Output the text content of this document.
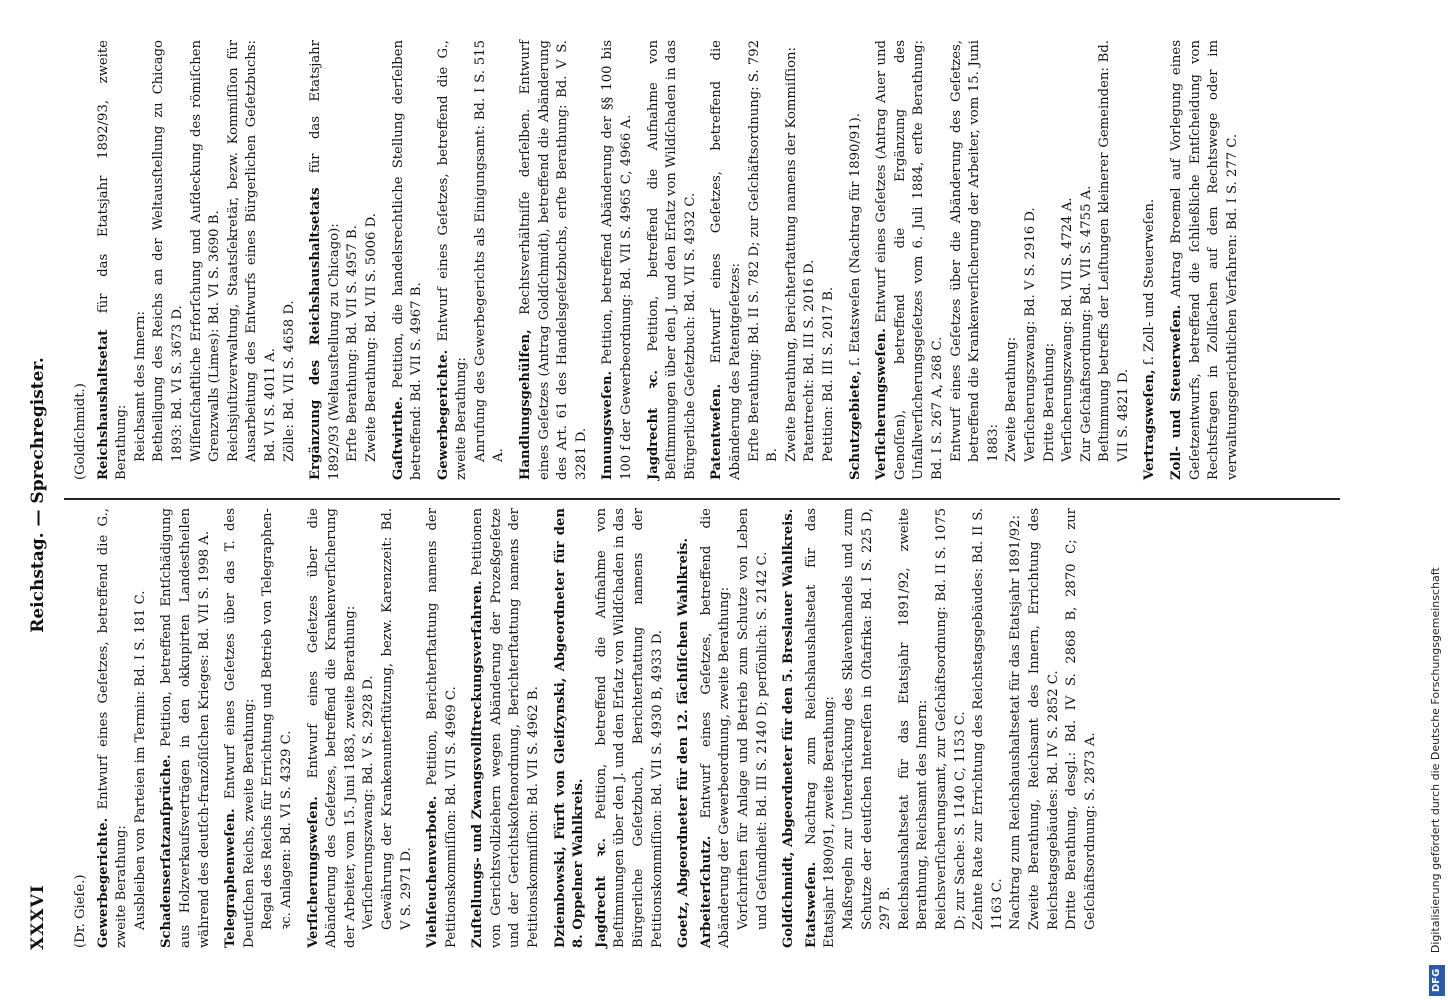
XXXVI
Reichstag. — Sprechregister.
(Dr. Gieſe.) Gewerbegerichte. Entwurf eines Geſetzes, betreffend die G., zweite Berathung: Ausbleiben von Parteien im Termin: Bd. I S. 181 C. Schadenserſatzanſprüche. Petition, betreffend Entſchädigung aus Holzverkaufsverträgen in den okkupirten Landestheilen während des deutſch-franzöſiſchen Krieges: Bd. VII S. 1998 A. Telegraphenweſen. Entwurf eines Geſetzes über das T. des Deutſchen Reichs, zweite Berathung: Regal des Reichs für Errichtung und Betrieb von Telegraphen- ꝛc. Anlagen: Bd. VI S. 4329 C. Verſicherungsweſen. Entwurf eines Geſetzes über die Abänderung des Geſetzes, betreffend die Krankenverſicherung der Arbeiter, vom 15. Juni 1883, zweite Berathung: Verſicherungszwang: Bd. V S. 2928 D. Gewährung der Krankenunterſtützung, bezw. Karenzzeit: Bd. V S. 2971 D. Viehſeuchenverbote. Petition, Berichterſtattung namens der Petitionskommiſſion: Bd. VII S. 4969 C. Zuſtellungs- und Zwangsvollſtreckungsverfahren. Petitionen von Gerichtsvollziehern wegen Abänderung der Prozeßgeſetze und der Gerichtskoſtenordnung, Berichterſtattung namens der Petitionskommiſſion: Bd. VII S. 4962 B. Dziembowski, Fürſt von Gleiſzynski, Abgeordneter für den 8. Oppelner Wahlkreis. Jagdrecht ꝛc. Petition, betreffend die Aufnahme von Beſtimmungen über den J. und den Erſatz von Wildſchaden in das Bürgerliche Geſetzbuch, Berichterſtattung namens der Petitionskommiſſion: Bd. VII S. 4930 B, 4933 D. Goetz, Abgeordneter für den 12. ſächſiſchen Wahlkreis. Arbeiterſchutz. Entwurf eines Geſetzes, betreffend die Abänderung der Gewerbeordnung, zweite Berathung: Vorſchriften für Anlage und Betrieb zum Schutze von Leben und Geſundheit: Bd. III S. 2140 D; perſönlich: S. 2142 C. Goldſchmidt, Abgeordneter für den 5. Breslauer Wahlkreis. Etatsweſen. Nachtrag zum Reichshaushaltsetat für das Etatsjahr 1890/91, zweite Berathung: Maßregeln zur Unterdrückung des Sklavenhandels und zum Schutze der deutſchen Intereſſen in Oſtafrika: Bd. I S. 225 D, 297 B. Reichshaushaltsetat für das Etatsjahr 1891/92, zweite Berathung, Reichsamt des Innern: Reichsverſicherungsamt, zur Geſchäftsordnung: Bd. II S. 1075 D; zur Sache: S. 1140 C, 1153 C. Zehnte Rate zur Errichtung des Reichstagsgebäudes: Bd. II S. 1163 C. Nachtrag zum Reichshaushaltsetat für das Etatsjahr 1891/92: Zweite Berathung, Reichsamt des Innern, Errichtung des Reichstagsgebäudes: Bd. IV S. 2852 C. Dritte Berathung, desgl.: Bd. IV S. 2868 B, 2870 C; zur Geſchäftsordnung: S. 2873 A.
(Goldſchmidt.) Reichshaushaltsetat für das Etatsjahr 1892/93, zweite Berathung: Reichsamt des Innern: Betheiligung des Reichs an der Weltausſtellung zu Chicago 1893: Bd. VI S. 3673 D. Wiſſenſchaftliche Erforſchung und Aufdeckung des römiſchen Grenzwalls (Limes): Bd. VI S. 3690 B. Reichsjuſtizverwaltung, Staatsſekretär, bezw. Kommiſſion für Ausarbeitung des Entwurfs eines Bürgerlichen Geſetzbuchs: Bd. VI S. 4011 A. Zölle: Bd. VII S. 4658 D. Ergänzung des Reichshaushaltsetats für das Etatsjahr 1892/93 (Weltausſtellung zu Chicago): Erſte Berathung: Bd. VII S. 4957 B. Zweite Berathung: Bd. VII S. 5006 D. Gaſtwirthe. Petition, die handelsrechtliche Stellung derſelben betreffend: Bd. VII S. 4967 B. Gewerbegerichte. Entwurf eines Geſetzes, betreffend die G., zweite Berathung: Anrufung des Gewerbegerichts als Einigungsamt: Bd. I S. 515 A. Handlungsgehülfen, Rechtsverhältniſſe derſelben. Entwurf eines Geſetzes (Antrag Goldſchmidt), betreffend die Abänderung des Art. 61 des Handelsgeſetzbuchs, erſte Berathung: Bd. V S. 3281 D. Innungsweſen. Petition, betreffend Abänderung der §§ 100 bis 100 f der Gewerbeordnung: Bd. VII S. 4965 C, 4966 A. Jagdrecht ꝛc. Petition, betreffend die Aufnahme von Beſtimmungen über den J. und den Erſatz von Wildſchaden in das Bürgerliche Geſetzbuch: Bd. VII S. 4932 C. Patentweſen. Entwurf eines Geſetzes, betreffend die Abänderung des Patentgeſetzes: Erſte Berathung: Bd. II S. 782 D; zur Geſchäftsordnung: S. 792 B. Zweite Berathung, Berichterſtattung namens der Kommiſſion: Patentrecht: Bd. III S. 2016 D. Petition: Bd. III S. 2017 B. Schutzgebiete, ſ. Etatsweſen (Nachtrag für 1890/91).
Verſicherungsweſen. Entwurf eines Geſetzes (Antrag Auer und Genoſſen), betreffend die Ergänzung des Unfallverſicherungsgeſetzes vom 6. Juli 1884, erſte Berathung: Bd. I S. 267 A, 268 C. Entwurf eines Geſetzes über die Abänderung des Geſetzes, betreffend die Krankenverſicherung der Arbeiter, vom 15. Juni 1883: Zweite Berathung: Verſicherungszwang: Bd. V S. 2916 D. Dritte Berathung: Verſicherungszwang: Bd. VII S. 4724 A. Zur Geſchäftsordnung: Bd. VII S. 4755 A. Beſtimmung betreffs der Leiſtungen kleinerer Gemeinden: Bd. VII S. 4821 D. Vertragsweſen, ſ. Zoll- und Steuerweſen.
Zoll- und Steuerweſen. Antrag Broemel auf Vorlegung eines Geſetzentwurfs, betreffend die ſchließliche Entſcheidung von Rechtsfragen in Zollſachen auf dem Rechtswege oder im verwaltungsgerichtlichen Verfahren: Bd. I S. 277 C.
DFG Digitalisierung gefördert durch die Deutsche Forschungsgemeinschaft
